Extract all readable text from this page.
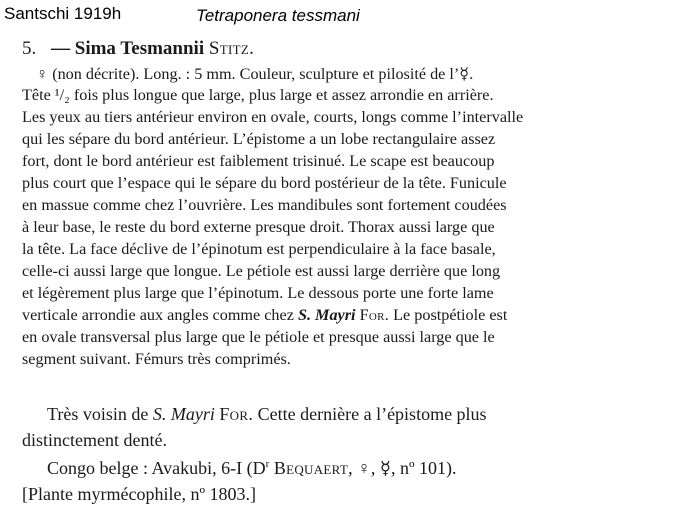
Santschi 1919h	Tetraponera tessmani
5. — Sima Tesmannii Stitz.
♀ (non décrite). Long. : 5 mm. Couleur, sculpture et pilosité de l’☿.
Tête ¹/₂ fois plus longue que large, plus large et assez arrondie en arrière.
Les yeux au tiers antérieur environ en ovale, courts, longs comme l’intervalle
qui les sépare du bord antérieur. L’épistome a un lobe rectangulaire assez
fort, dont le bord antérieur est faiblement trisinué. Le scape est beaucoup
plus court que l’espace qui le sépare du bord postérieur de la tête. Funicule
en massue comme chez l’ouvrière. Les mandibules sont fortement coudées
à leur base, le reste du bord externe presque droit. Thorax aussi large que
la tête. La face déclive de l’épinotum est perpendiculaire à la face basale,
celle-ci aussi large que longue. Le pétiole est aussi large derrière que long
et légèrement plus large que l’épinotum. Le dessous porte une forte lame
verticale arrondie aux angles comme chez S. Mayri For. Le postpétiole est
en ovale transversal plus large que le pétiole et presque aussi large que le
segment suivant. Fémurs très comprimés.
Très voisin de S. Mayri For. Cette dernière a l’épistome plus
distinctement denté.
Congo belge : Avakubi, 6-I ($D^r$ Bequaert, ♀, ☿, nº 101).
[Plante myrmécophile, nº 1803.]
